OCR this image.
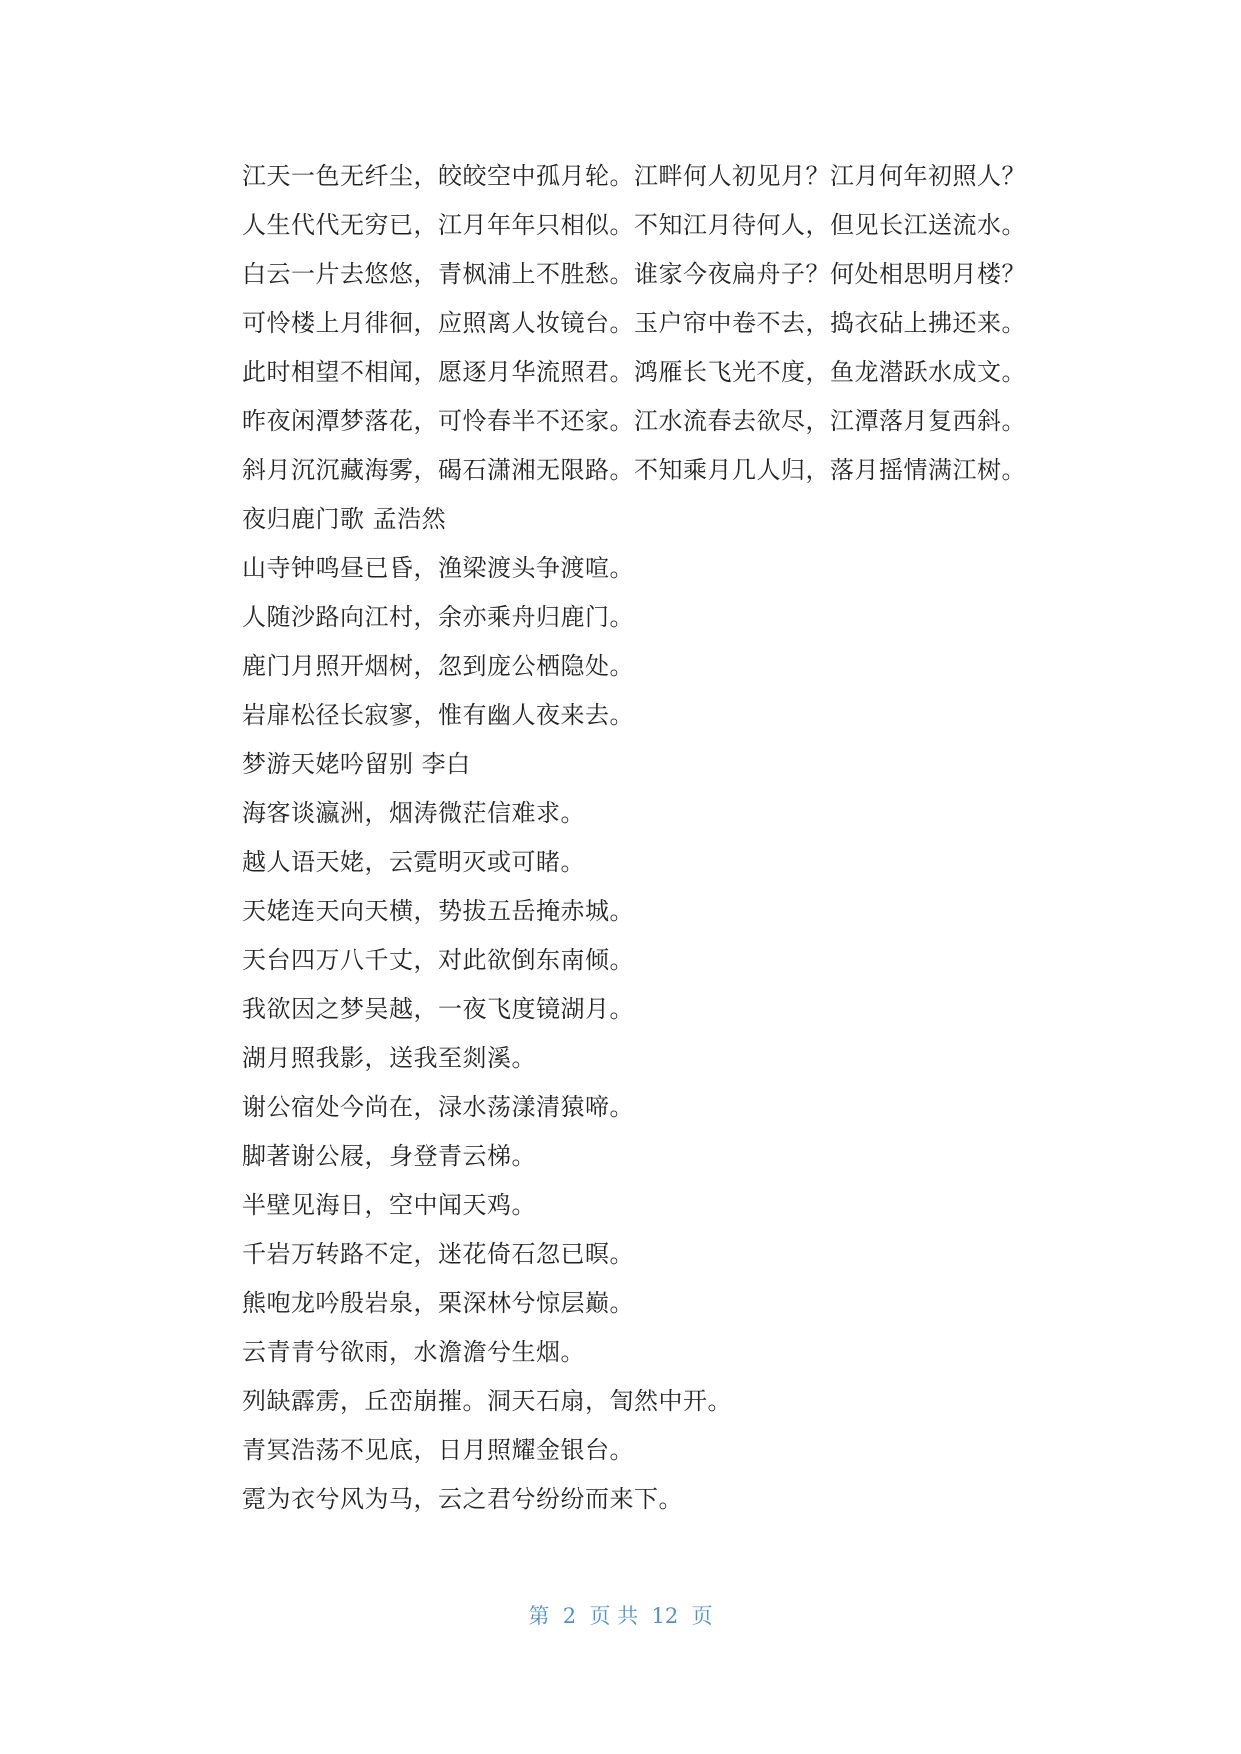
江天一色无纤尘，皎皎空中孤月轮。江畔何人初见月？江月何年初照人？
人生代代无穷已，江月年年只相似。不知江月待何人，但见长江送流水。
白云一片去悠悠，青枫浦上不胜愁。谁家今夜扁舟子？何处相思明月楼？
可怜楼上月徘徊，应照离人妆镜台。玉户帘中卷不去，捣衣砧上拂还来。
此时相望不相闻，愿逐月华流照君。鸿雁长飞光不度，鱼龙潜跃水成文。
昨夜闲潭梦落花，可怜春半不还家。江水流春去欲尽，江潭落月复西斜。
斜月沉沉藏海雾，碣石潇湘无限路。不知乘月几人归，落月摇情满江树。
夜归鹿门歌 孟浩然
山寺钟鸣昼已昏，渔梁渡头争渡喧。
人随沙路向江村，余亦乘舟归鹿门。
鹿门月照开烟树，忽到庞公栖隐处。
岩扉松径长寂寥，惟有幽人夜来去。
梦游天姥吟留别 李白
海客谈瀛洲，烟涛微茫信难求。
越人语天姥，云霓明灭或可睹。
天姥连天向天横，势拔五岳掩赤城。
天台四万八千丈，对此欲倒东南倾。
我欲因之梦吴越，一夜飞度镜湖月。
湖月照我影，送我至剡溪。
谢公宿处今尚在，渌水荡漾清猿啼。
脚著谢公屐，身登青云梯。
半壁见海日，空中闻天鸡。
千岩万转路不定，迷花倚石忽已暝。
熊咆龙吟殷岩泉，栗深林兮惊层巅。
云青青兮欲雨，水澹澹兮生烟。
列缺霹雳，丘峦崩摧。洞天石扇，訇然中开。
青冥浩荡不见底，日月照耀金银台。
霓为衣兮风为马，云之君兮纷纷而来下。
第  2  页 共  12  页
